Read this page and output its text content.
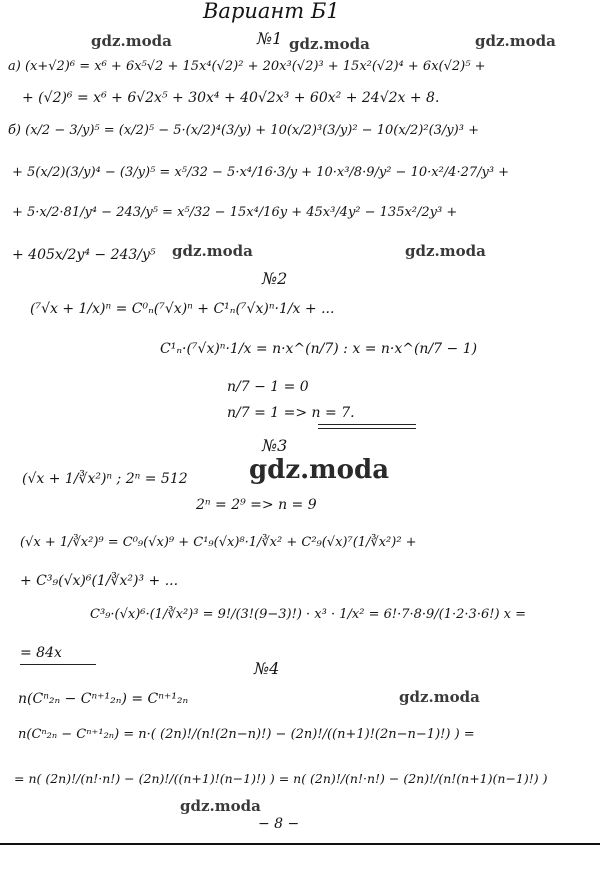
Вариант Б1
gdz.moda	gdz.moda	gdz.moda
gdz.moda	gdz.moda
gdz.moda
gdz.moda
gdz.moda
№1
а) (x+√2)⁶ = x⁶ + 6x⁵√2 + 15x⁴(√2)² + 20x³(√2)³ + 15x²(√2)⁴ + 6x(√2)⁵ +
+ (√2)⁶ = x⁶ + 6√2x⁵ + 30x⁴ + 40√2x³ + 60x² + 24√2x + 8.
б) (x/2 − 3/y)⁵ = (x/2)⁵ − 5·(x/2)⁴(3/y) + 10(x/2)³(3/y)² − 10(x/2)²(3/y)³ +
+ 5(x/2)(3/y)⁴ − (3/y)⁵ = x⁵/32 − 5·x⁴/16·3/y + 10·x³/8·9/y² − 10·x²/4·27/y³ +
+ 5·x/2·81/y⁴ − 243/y⁵ = x⁵/32 − 15x⁴/16y + 45x³/4y² − 135x²/2y³ +
+ 405x/2y⁴ − 243/y⁵
№2
(⁷√x + 1/x)ⁿ = C⁰ₙ(⁷√x)ⁿ + C¹ₙ(⁷√x)ⁿ·1/x + ...
C¹ₙ·(⁷√x)ⁿ·1/x = n·x^(n/7) : x = n·x^(n/7 − 1)
n/7 − 1 = 0
n/7 = 1 => n = 7.
№3
(√x + 1/∛x²)ⁿ ; 2ⁿ = 512
2ⁿ = 2⁹ => n = 9
(√x + 1/∛x²)⁹ = C⁰₉(√x)⁹ + C¹₉(√x)⁸·1/∛x² + C²₉(√x)⁷(1/∛x²)² +
+ C³₉(√x)⁶(1/∛x²)³ + ...
C³₉·(√x)⁶·(1/∛x²)³ = 9!/(3!(9−3)!) · x³ · 1/x² = 6!·7·8·9/(1·2·3·6!) x =
= 84x
№4
n(Cⁿ₂ₙ − Cⁿ⁺¹₂ₙ) = Cⁿ⁺¹₂ₙ
n(Cⁿ₂ₙ − Cⁿ⁺¹₂ₙ) = n·( (2n)!/(n!(2n−n)!) − (2n)!/((n+1)!(2n−n−1)!) ) =
= n( (2n)!/(n!·n!) − (2n)!/((n+1)!(n−1)!) ) = n( (2n)!/(n!·n!) − (2n)!/(n!(n+1)(n−1)!) )
− 8 −
